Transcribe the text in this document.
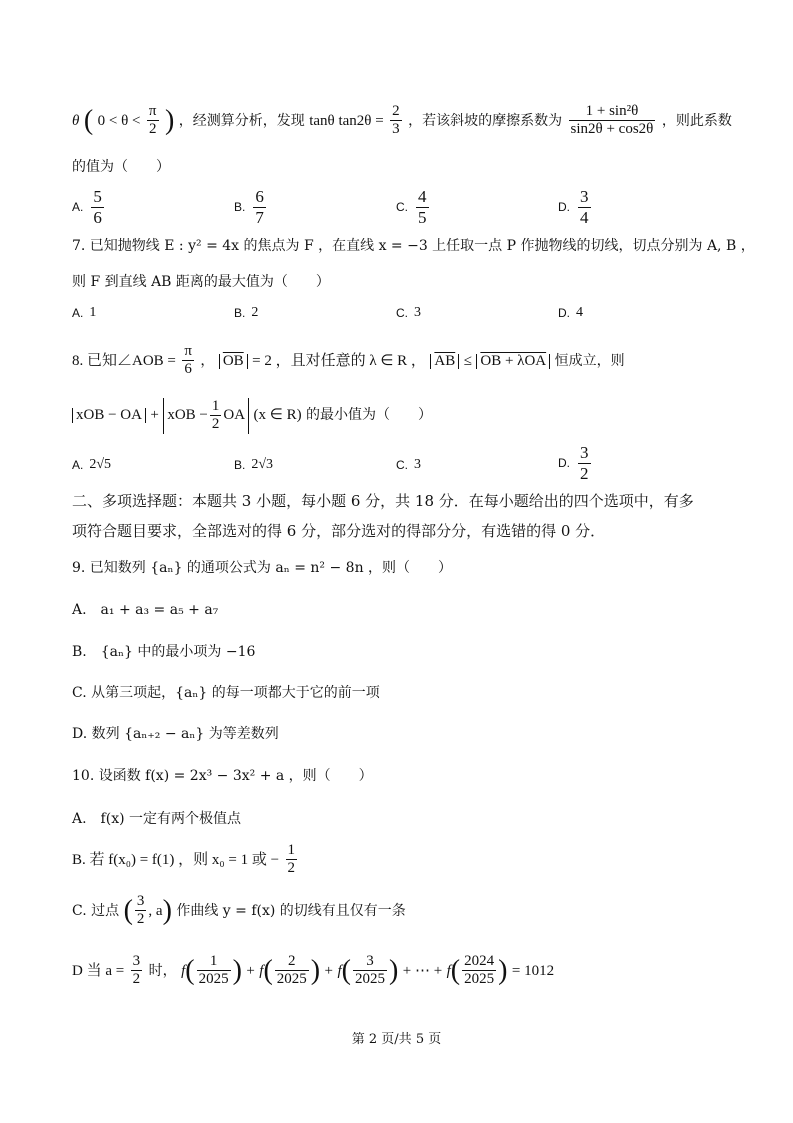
θ ( $0 < \theta < \frac{\pi}{2}$ ) ，经测算分析，发现 tanθ $\tan 2\theta = \frac{2}{3}$ ，若该斜坡的摩擦系数为 $\frac{\text{1 + sin²θ}}{\sin 2\theta + \cos 2\theta}$ ，则此系数
的值为（　　）
A. $\frac{5}{6}$	B. $\frac{6}{7}$	C. $\frac{4}{5}$	D. $\frac{3}{4}$
7. 已知抛物线 E : y² = 4x 的焦点为 F ，在直线 x = −3 上任取一点 P 作抛物线的切线，切点分别为 A, B ，
则 F 到直线 AB 距离的最大值为（　　）
A. 1	B. 2	C. 3	D. 4
8. 已知∠AOB = $\frac{\pi}{6}$ ， $\overline{OB} = 2$ ，且对任意的 λ ∈ R ， $\overline{AB}$ ≤ OB + λOA 恒成立，则
xOB − OA + xOB − $\frac{1}{2}$ OA (x ∈ R) 的最小值为（　　）
A. 2√5	B. 2√3	C. 3	D. $\frac{3}{2}$
二、多项选择题：本题共 3 小题，每小题 6 分，共 18 分．在每小题给出的四个选项中，有多
项符合题目要求，全部选对的得 6 分，部分选对的得部分分，有选错的得 0 分．
9. 已知数列 {aₙ} 的通项公式为 aₙ = n² − 8n ，则（　　）
A.　a₁ + a₃ = a₅ + a₇
B.　{aₙ} 中的最小项为 −16
C. 从第三项起，{aₙ} 的每一项都大于它的前一项
D. 数列 {aₙ₊₂ − aₙ} 为等差数列
10. 设函数 f(x) = 2x³ − 3x² + a ，则（　　）
A.　f(x) 一定有两个极值点
B. 若 f(x₀) = f(1) ，则 x₀ = 1 或 − $\frac{1}{2}$
C. 过点 ( $\frac{3}{2}$ , a) 作曲线 y = f(x) 的切线有且仅有一条
D 当 $a = \frac{3}{2}$ 时， $f( \frac{1}{2025}$ ) + $f( \frac{2}{2025}$ ) + $f( \frac{3}{2025}$ ) + ⋯ + $f( \frac{2024}{2025}$ ) = 1012
第 2 页/共 5 页
